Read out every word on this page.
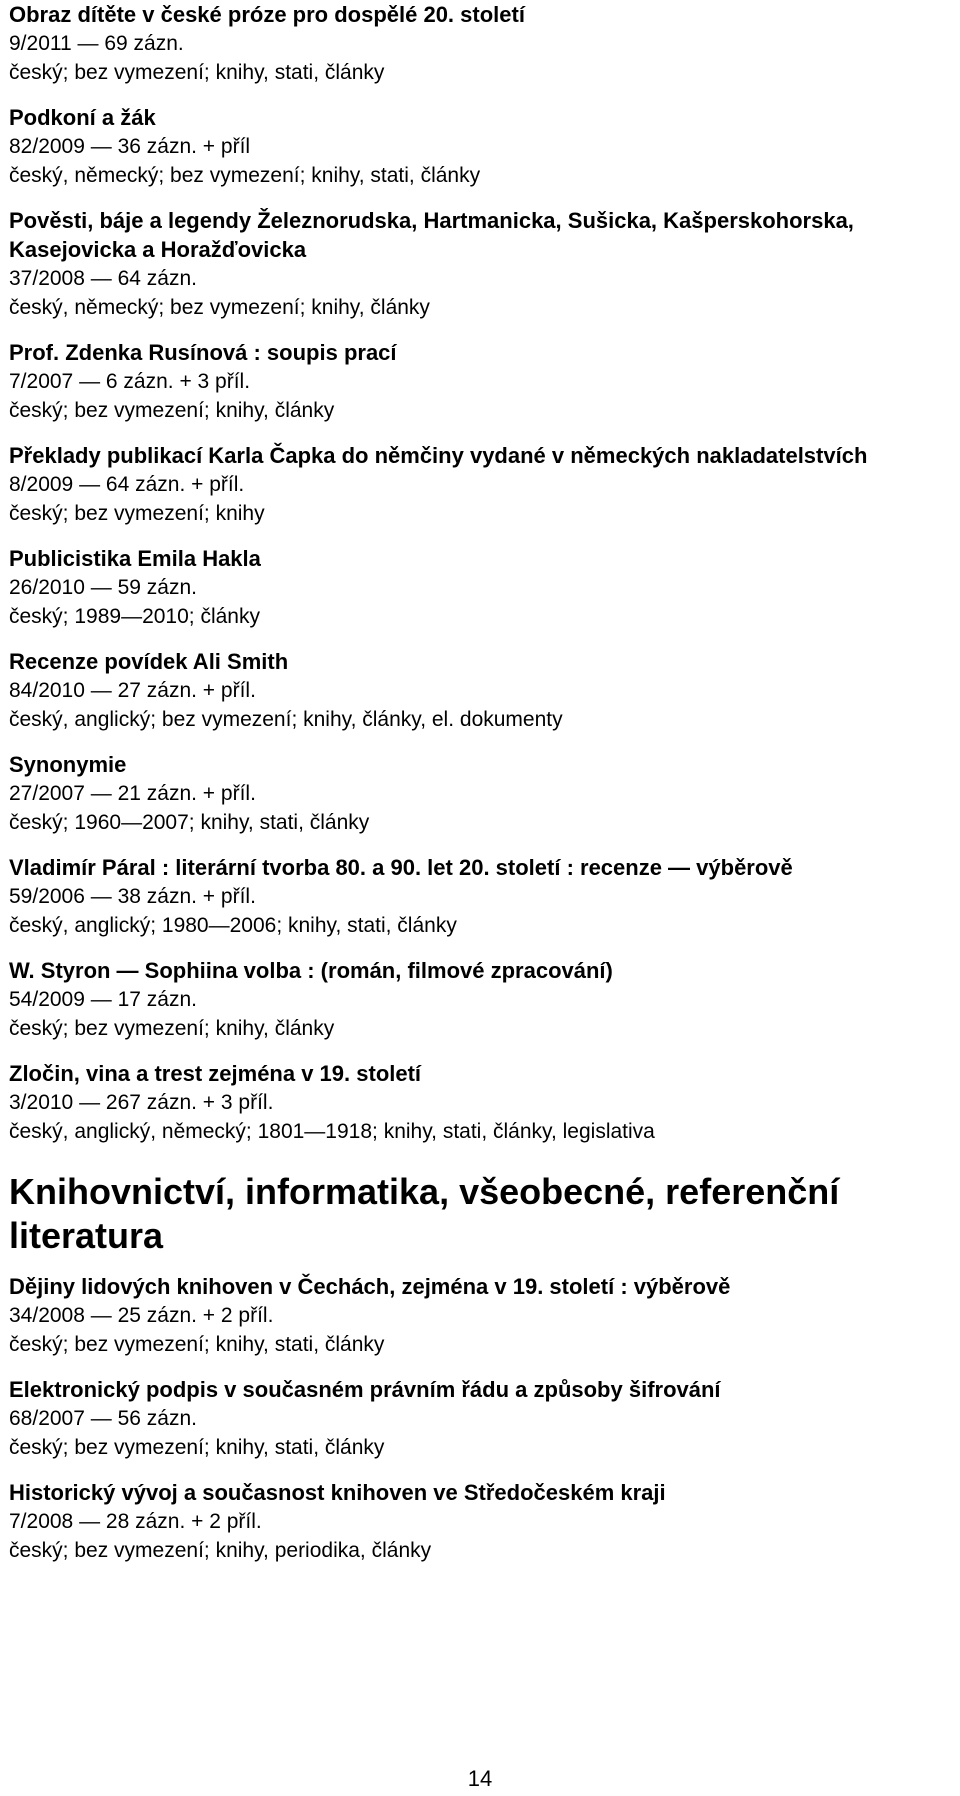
Obraz dítěte v české próze pro dospělé 20. století
9/2011 — 69 zázn.
český; bez vymezení; knihy, stati, články
Podkoní a žák
82/2009 — 36 zázn. + příl
český, německý; bez vymezení; knihy, stati, články
Pověsti, báje a legendy Železnorudska, Hartmanicka, Sušicka, Kašperskohorska, Kasejovicka a Horažďovicka
37/2008 — 64 zázn.
český, německý; bez vymezení; knihy, články
Prof. Zdenka Rusínová : soupis prací
7/2007 — 6 zázn. + 3 příl.
český; bez vymezení; knihy, články
Překlady publikací Karla Čapka do němčiny vydané v německých nakladatelstvích
8/2009 — 64 zázn. + příl.
český; bez vymezení; knihy
Publicistika Emila Hakla
26/2010 — 59 zázn.
český; 1989—2010; články
Recenze povídek Ali Smith
84/2010 — 27 zázn. + příl.
český, anglický; bez vymezení; knihy, články, el. dokumenty
Synonymie
27/2007 — 21 zázn. + příl.
český; 1960—2007; knihy, stati, články
Vladimír Páral : literární tvorba 80. a 90. let 20. století : recenze — výběrově
59/2006 — 38 zázn. + příl.
český, anglický; 1980—2006; knihy, stati, články
W. Styron — Sophiina volba : (román, filmové zpracování)
54/2009 — 17 zázn.
český; bez vymezení; knihy, články
Zločin, vina a trest zejména v 19. století
3/2010 — 267 zázn. + 3 příl.
český, anglický, německý; 1801—1918; knihy, stati, články, legislativa
Knihovnictví, informatika, všeobecné, referenční literatura
Dějiny lidových knihoven v Čechách, zejména v 19. století : výběrově
34/2008 — 25 zázn. + 2 příl.
český; bez vymezení; knihy, stati, články
Elektronický podpis v současném právním řádu a způsoby šifrování
68/2007 — 56 zázn.
český; bez vymezení; knihy, stati, články
Historický vývoj a současnost knihoven ve Středočeském kraji
7/2008 — 28 zázn. + 2 příl.
český; bez vymezení; knihy, periodika, články
14
